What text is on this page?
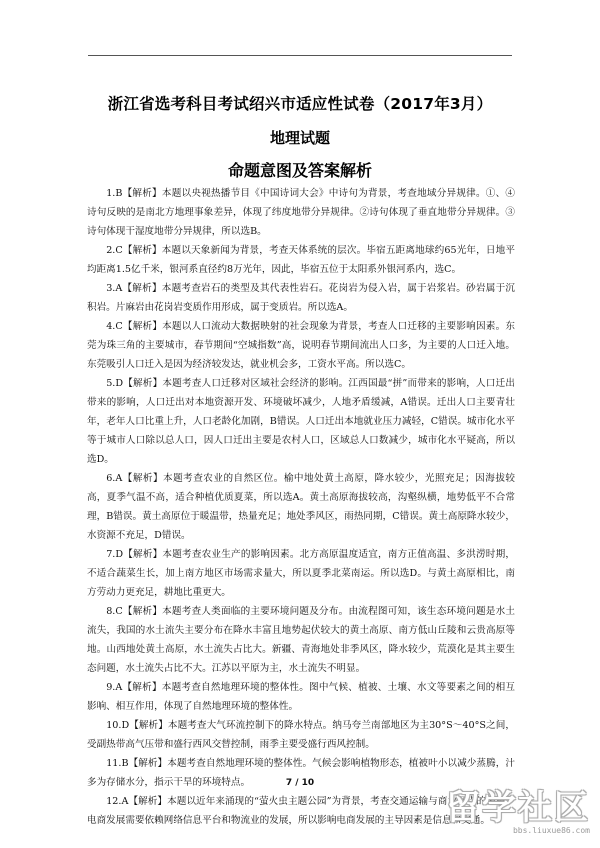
浙江省选考科目考试绍兴市适应性试卷（2017年3月）
地理试题
命题意图及答案解析

1.B【解析】本题以央视热播节目《中国诗词大会》中诗句为背景，考查地域分异规律。①、④诗句反映的是南北方地理事象差异，体现了纬度地带分异规律。②诗句体现了垂直地带分异规律。③诗句体现干湿度地带分异规律，所以选B。

2.C【解析】本题以天象新闻为背景，考查天体系统的层次。毕宿五距离地球约65光年，日地平均距离1.5亿千米，银河系直径约8万光年，因此，毕宿五位于太阳系外银河系内，选C。

3.A【解析】本题考查岩石的类型及其代表性岩石。花岗岩为侵入岩，属于岩浆岩。砂岩属于沉积岩。片麻岩由花岗岩变质作用形成，属于变质岩。所以选A。

4.C【解析】本题以人口流动大数据映射的社会现象为背景，考查人口迁移的主要影响因素。东莞为珠三角的主要城市，春节期间“空城指数”高，说明春节期间流出人口多，为主要的人口迁入地。东莞吸引人口迁入是因为经济较发达，就业机会多，工资水平高。所以选C。

5.D【解析】本题考查人口迁移对区域社会经济的影响。江西国最“拼”而带来的影响，人口迁出带来的影响，人口迁出对本地资源开发、环境破坏减少，人地矛盾缓减，A错误。迁出人口主要青壮年，老年人口比重上升，人口老龄化加剧，B错误。人口迁出本地就业压力减轻，C错误。城市化水平等于城市人口除以总人口，因人口迁出主要是农村人口，区域总人口数减少，城市化水平疑高，所以选D。

6.A【解析】本题考查农业的自然区位。榆中地处黄土高原，降水较少，光照充足；因海拔较高，夏季气温不高，适合种植优质夏菜，所以选A。黄土高原海拔较高，沟壑纵横，地势低平不合常理，B错误。黄土高原位于暖温带，热量充足；地处季风区，雨热同期，C错误。黄土高原降水较少，水资源不充足，D错误。

7.D【解析】本题考查农业生产的影响因素。北方高原温度适宜，南方正值高温、多洪涝时期，不适合蔬菜生长，加上南方地区市场需求量大，所以夏季北菜南运。所以选D。与黄土高原相比，南方劳动力更充足，耕地比重更大。

8.C【解析】本题考查人类面临的主要环境问题及分布。由流程图可知，该生态环境问题是水土流失，我国的水土流失主要分布在降水丰富且地势起伏较大的黄土高原、南方低山丘陵和云贵高原等地。山西地处黄土高原，水土流失占比大。新疆、青海地处非季风区，降水较少，荒漠化是其主要生态问题，水土流失占比不大。江苏以平原为主，水土流失不明显。

9.A【解析】本题考查自然地理环境的整体性。图中气候、植被、土壤、水文等要素之间的相互影响、相互作用，体现了自然地理环境的整体性。

10.D【解析】本题考查大气环流控制下的降水特点。纳马夸兰南部地区为主30°S～40°S之间，受副热带高气压带和盛行西风交替控制，雨季主要受盛行西风控制。

11.B【解析】本题考查自然地理环境的整体性。气候会影响植物形态，植被叶小以减少蒸腾，汁多为存储水分，指示干旱的环境特点。

12.A【解析】本题以近年来涌现的“萤火虫主题公园”为背景，考查交通运输与商业网点的关系。电商发展需要依赖网络信息平台和物流业的发展，所以影响电商发展的主导因素是信息和交通。

7 / 10
留学社区
bbs.liuxue86.com
